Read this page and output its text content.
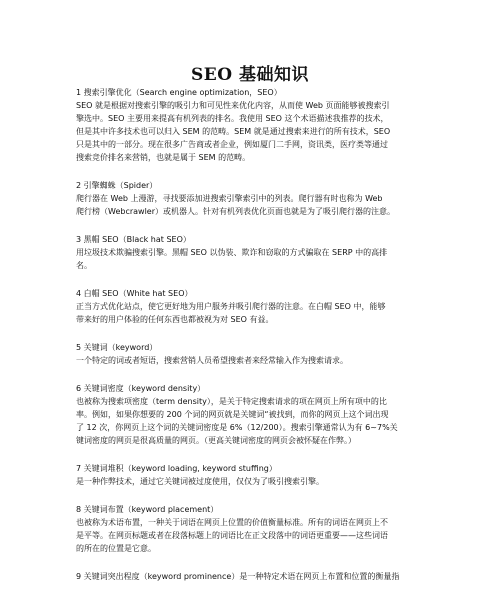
SEO 基础知识

1 搜索引擎优化（Search engine optimization，SEO）

SEO 就是根据对搜索引擎的吸引力和可见性来优化内容，从而使 Web 页面能够被搜索引

擎选中。SEO 主要用来提高有机列表的排名。我使用 SEO 这个术语描述我推荐的技术，

但是其中许多技术也可以归入 SEM 的范畴。SEM 就是通过搜索来进行的所有技术，SEO

只是其中的一部分。现在很多广告商或者企业，例如厦门二手网，资讯类，医疗类等通过

搜索竞价排名来营销，也就是属于 SEM 的范畴。

2 引擎蜘蛛（Spider）

爬行器在 Web 上漫游，寻找要添加进搜索引擎索引中的列表。爬行器有时也称为 Web

爬行榜（Webcrawler）或机器人。针对有机列表优化页面也就是为了吸引爬行器的注意。

3 黑帽 SEO（Black hat SEO）

用垃圾技术欺骗搜索引擎。黑帽 SEO 以伪装、欺诈和窃取的方式骗取在 SERP 中的高排

名。

4 白帽 SEO（White hat SEO）

正当方式优化站点，使它更好地为用户服务并吸引爬行器的注意。在白帽 SEO 中，能够

带来好的用户体验的任何东西也都被视为对 SEO 有益。

5 关键词（keyword）

一个特定的词或者短语，搜索营销人员希望搜索者来经常输入作为搜索请求。

6 关键词密度（keyword density）

也被称为搜索项密度（term density），是关于特定搜索请求的项在网页上所有项中的比

率。例如，如果你想要的 200 个词的网页就是关键词“被找到，而你的网页上这个词出现

了 12 次，你网页上这个词的关键词密度是 6%（12/200）。搜索引擎通常认为有 6~7%关

键词密度的网页是很高质量的网页。（更高关键词密度的网页会被怀疑在作弊。）

7 关键词堆积（keyword loading, keyword stuffing）

是一种作弊技术，通过它关键词被过度使用，仅仅为了吸引搜索引擎。

8 关键词布置（keyword placement）

也被称为术语布置，一种关于词语在网页上位置的价值衡量标准。所有的词语在网页上不

是平等。在网页标题或者在段落标题上的词语比在正文段落中的词语更重要——这些词语

的所在的位置是它意。

9 关键词突出程度（keyword prominence）是一种特定术语在网页上布置和位置的衡量指
